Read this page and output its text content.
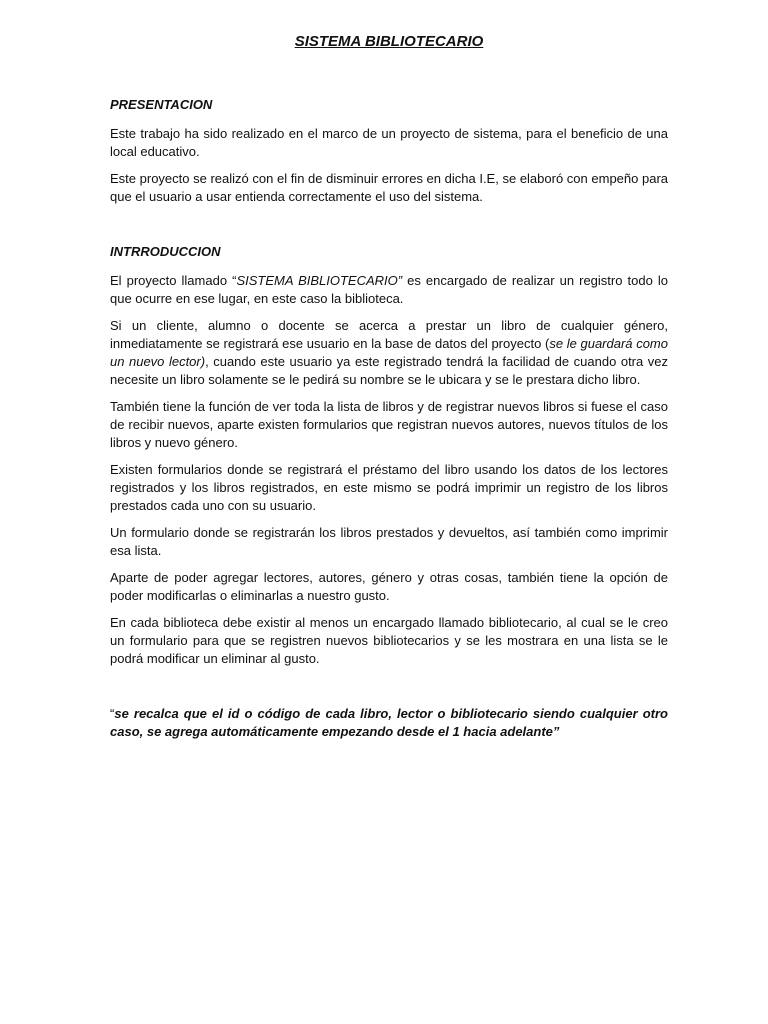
SISTEMA BIBLIOTECARIO
PRESENTACION

Este trabajo ha sido realizado en el marco de un proyecto de sistema, para el beneficio de una local educativo.

Este proyecto se realizó con el fin de disminuir errores en dicha I.E, se elaboró con empeño para que el usuario a usar entienda correctamente el uso del sistema.

INTRRODUCCION

El proyecto llamado “SISTEMA BIBLIOTECARIO” es encargado de realizar un registro todo lo que ocurre en ese lugar, en este caso la biblioteca.

Si un cliente, alumno o docente se acerca a prestar un libro de cualquier género, inmediatamente se registrará ese usuario en la base de datos del proyecto (se le guardará como un nuevo lector), cuando este usuario ya este registrado tendrá la facilidad de cuando otra vez necesite un libro solamente se le pedirá su nombre se le ubicara y se le prestara dicho libro.

También tiene la función de ver toda la lista de libros y de registrar nuevos libros si fuese el caso de recibir nuevos, aparte existen formularios que registran nuevos autores, nuevos títulos de los libros y nuevo género.

Existen formularios donde se registrará el préstamo del libro usando los datos de los lectores registrados y los libros registrados, en este mismo se podrá imprimir un registro de los libros prestados cada uno con su usuario.

Un formulario donde se registrarán los libros prestados y devueltos, así también como imprimir esa lista.

Aparte de poder agregar lectores, autores, género y otras cosas, también tiene la opción de poder modificarlas o eliminarlas a nuestro gusto.

En cada biblioteca debe existir al menos un encargado llamado bibliotecario, al cual se le creo un formulario para que se registren nuevos bibliotecarios y se les mostrara en una lista se le podrá modificar un eliminar al gusto.

“se recalca que el id o código de cada libro, lector o bibliotecario siendo cualquier otro caso, se agrega automáticamente empezando desde el 1 hacia adelante”
